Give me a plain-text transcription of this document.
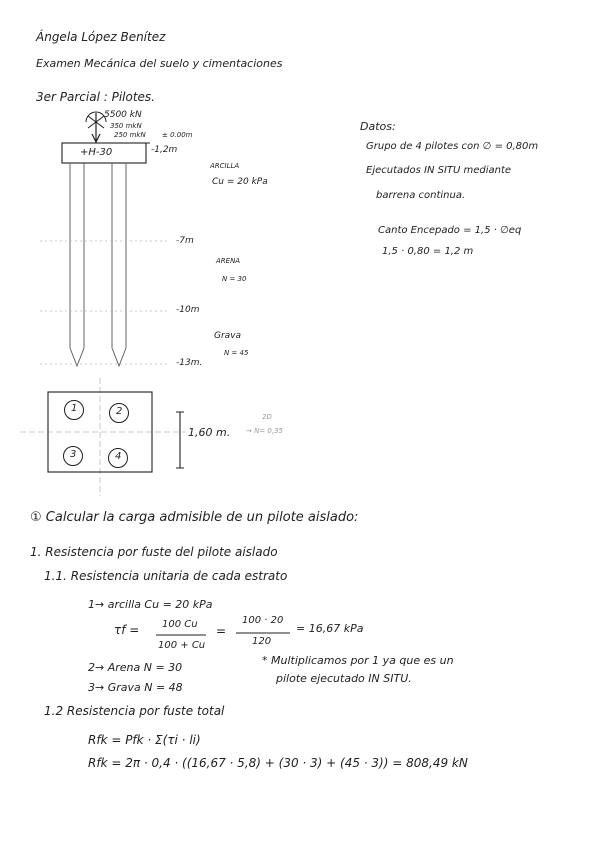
Ángela López Benítez
Examen Mecánica del suelo y cimentaciones
3er Parcial : Pilotes.
5500 kN
350 mkN
250 mkN ± 0.00m
+H-30	-1,2m
ARCILLA
Cu = 20 kPa
-7m
ARENA
N = 30
-10m
Grava
N = 45
-13m.
1	2
3	4
1,60 m.
2D
→ N= 0,35
Datos:
Grupo de 4 pilotes con ∅ = 0,80m
Ejecutados IN SITU mediante
barrena continua.
Canto Encepado = 1,5 · ∅eq
1,5 · 0,80 = 1,2 m
① Calcular la carga admisible de un pilote aislado:
1. Resistencia por fuste del pilote aislado
1.1. Resistencia unitaria de cada estrato
1→ arcilla Cu = 20 kPa
τf = 100 Cu
100 + Cu
=
100 · 20
120
= 16,67 kPa
2→ Arena N = 30
3→ Grava N = 48
* Multiplicamos por 1 ya que es un
pilote ejecutado IN SITU.
1.2 Resistencia por fuste total
Rfk = Pfk · Σ(τi · li)
Rfk = 2π · 0,4 · ((16,67 · 5,8) + (30 · 3) + (45 · 3)) = 808,49 kN
